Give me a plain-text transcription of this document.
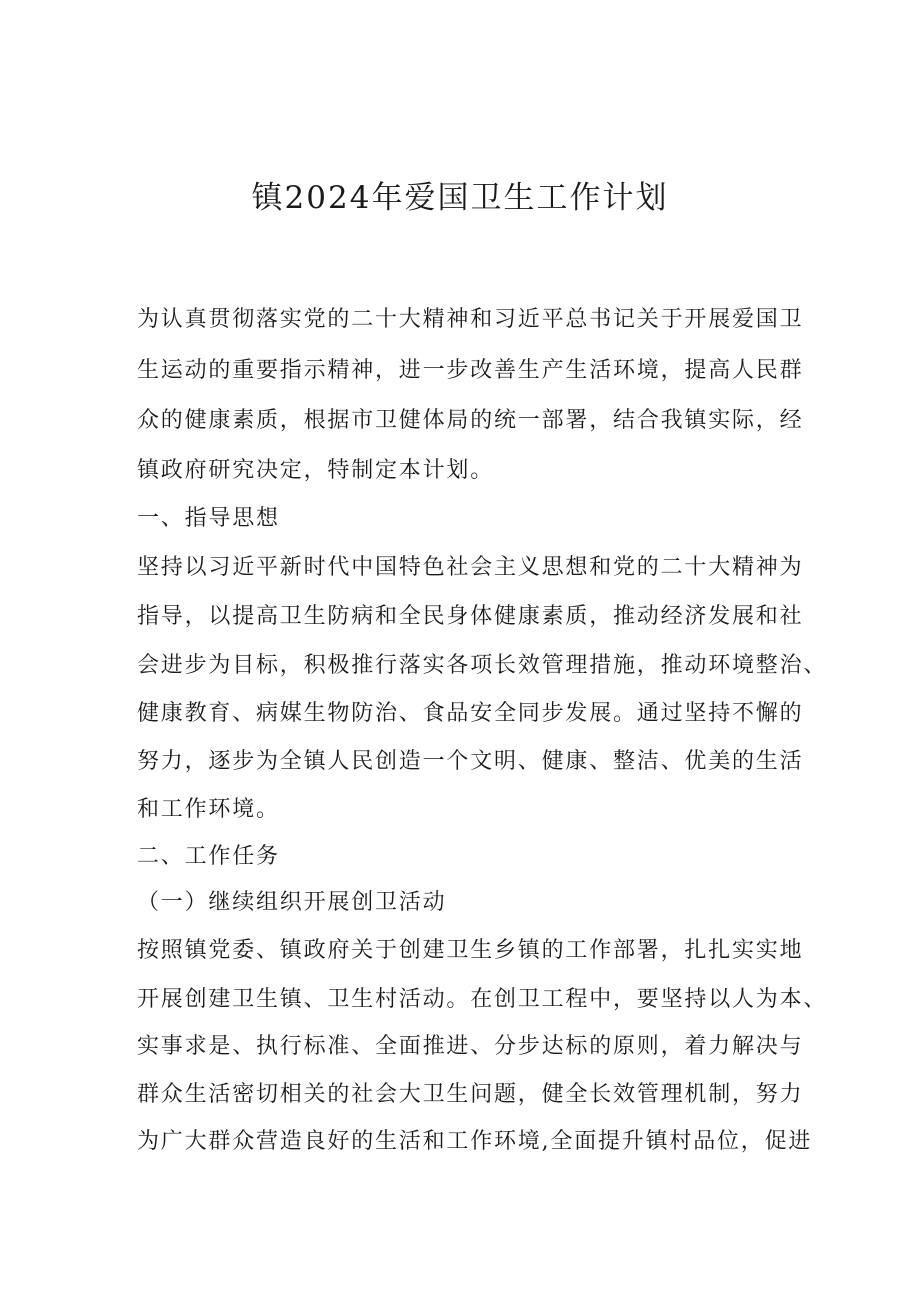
镇2024年爱国卫生工作计划
为认真贯彻落实党的二十大精神和习近平总书记关于开展爱国卫
生运动的重要指示精神，进一步改善生产生活环境，提高人民群
众的健康素质，根据市卫健体局的统一部署，结合我镇实际，经
镇政府研究决定，特制定本计划。
一、指导思想
坚持以习近平新时代中国特色社会主义思想和党的二十大精神为
指导，以提高卫生防病和全民身体健康素质，推动经济发展和社
会进步为目标，积极推行落实各项长效管理措施，推动环境整治、
健康教育、病媒生物防治、食品安全同步发展。通过坚持不懈的
努力，逐步为全镇人民创造一个文明、健康、整洁、优美的生活
和工作环境。
二、工作任务
（一）继续组织开展创卫活动
按照镇党委、镇政府关于创建卫生乡镇的工作部署，扎扎实实地
开展创建卫生镇、卫生村活动。在创卫工程中，要坚持以人为本、
实事求是、执行标准、全面推进、分步达标的原则，着力解决与
群众生活密切相关的社会大卫生问题，健全长效管理机制，努力
为广大群众营造良好的生活和工作环境,全面提升镇村品位，促进
